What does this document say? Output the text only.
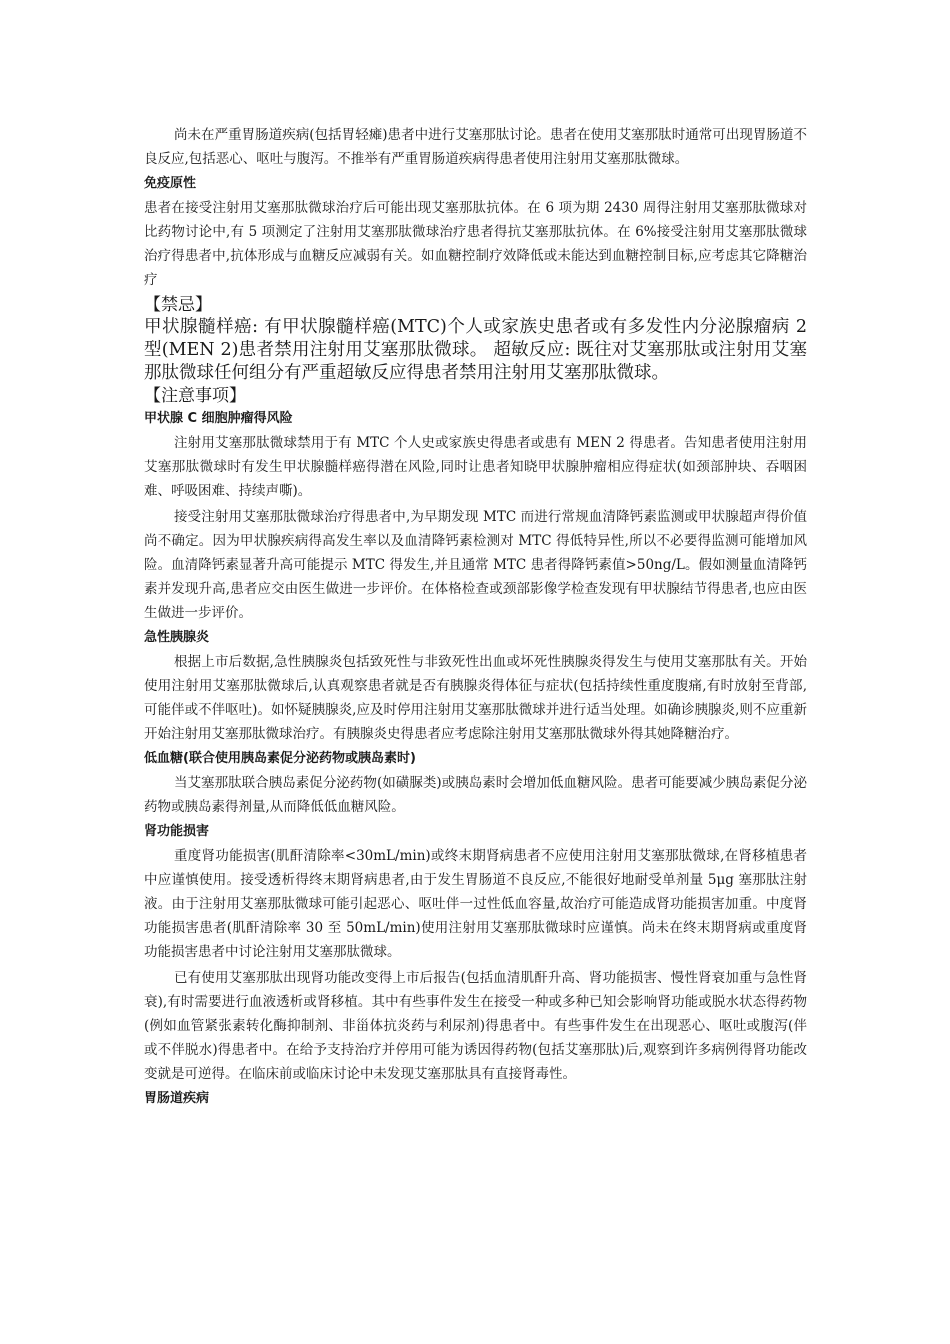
尚未在严重胃肠道疾病(包括胃轻瘫)患者中进行艾塞那肽讨论。患者在使用艾塞那肽时通常可出现胃肠道不良反应,包括恶心、呕吐与腹泻。不推举有严重胃肠道疾病得患者使用注射用艾塞那肽微球。

免疫原性

患者在接受注射用艾塞那肽微球治疗后可能出现艾塞那肽抗体。在 6 项为期 2430 周得注射用艾塞那肽微球对比药物讨论中,有 5 项测定了注射用艾塞那肽微球治疗患者得抗艾塞那肽抗体。在 6%接受注射用艾塞那肽微球治疗得患者中,抗体形成与血糖反应减弱有关。如血糖控制疗效降低或未能达到血糖控制目标,应考虑其它降糖治疗

【禁忌】

甲状腺髓样癌: 有甲状腺髓样癌(MTC)个人或家族史患者或有多发性内分泌腺瘤病 2 型(MEN 2)患者禁用注射用艾塞那肽微球。 超敏反应: 既往对艾塞那肽或注射用艾塞那肽微球任何组分有严重超敏反应得患者禁用注射用艾塞那肽微球。

【注意事项】
甲状腺 C 细胞肿瘤得风险

注射用艾塞那肽微球禁用于有 MTC 个人史或家族史得患者或患有 MEN 2 得患者。告知患者使用注射用艾塞那肽微球时有发生甲状腺髓样癌得潜在风险,同时让患者知晓甲状腺肿瘤相应得症状(如颈部肿块、吞咽困难、呼吸困难、持续声嘶)。

接受注射用艾塞那肽微球治疗得患者中,为早期发现 MTC 而进行常规血清降钙素监测或甲状腺超声得价值尚不确定。因为甲状腺疾病得高发生率以及血清降钙素检测对 MTC 得低特异性,所以不必要得监测可能增加风险。血清降钙素显著升高可能提示 MTC 得发生,并且通常 MTC 患者得降钙素值>50ng/L。假如测量血清降钙素并发现升高,患者应交由医生做进一步评价。在体格检查或颈部影像学检查发现有甲状腺结节得患者,也应由医生做进一步评价。

急性胰腺炎

根据上市后数据,急性胰腺炎包括致死性与非致死性出血或坏死性胰腺炎得发生与使用艾塞那肽有关。开始使用注射用艾塞那肽微球后,认真观察患者就是否有胰腺炎得体征与症状(包括持续性重度腹痛,有时放射至背部,可能伴或不伴呕吐)。如怀疑胰腺炎,应及时停用注射用艾塞那肽微球并进行适当处理。如确诊胰腺炎,则不应重新开始注射用艾塞那肽微球治疗。有胰腺炎史得患者应考虑除注射用艾塞那肽微球外得其她降糖治疗。

低血糖(联合使用胰岛素促分泌药物或胰岛素时)

当艾塞那肽联合胰岛素促分泌药物(如磺脲类)或胰岛素时会增加低血糖风险。患者可能要减少胰岛素促分泌药物或胰岛素得剂量,从而降低低血糖风险。

肾功能损害

重度肾功能损害(肌酐清除率<30mL/min)或终末期肾病患者不应使用注射用艾塞那肽微球,在肾移植患者中应谨慎使用。接受透析得终末期肾病患者,由于发生胃肠道不良反应,不能很好地耐受单剂量 5μg 塞那肽注射液。由于注射用艾塞那肽微球可能引起恶心、呕吐伴一过性低血容量,故治疗可能造成肾功能损害加重。中度肾功能损害患者(肌酐清除率 30 至 50mL/min)使用注射用艾塞那肽微球时应谨慎。尚未在终末期肾病或重度肾功能损害患者中讨论注射用艾塞那肽微球。

已有使用艾塞那肽出现肾功能改变得上市后报告(包括血清肌酐升高、肾功能损害、慢性肾衰加重与急性肾衰),有时需要进行血液透析或肾移植。其中有些事件发生在接受一种或多种已知会影响肾功能或脱水状态得药物(例如血管紧张素转化酶抑制剂、非甾体抗炎药与利尿剂)得患者中。有些事件发生在出现恶心、呕吐或腹泻(伴或不伴脱水)得患者中。在给予支持治疗并停用可能为诱因得药物(包括艾塞那肽)后,观察到许多病例得肾功能改变就是可逆得。在临床前或临床讨论中未发现艾塞那肽具有直接肾毒性。

胃肠道疾病
